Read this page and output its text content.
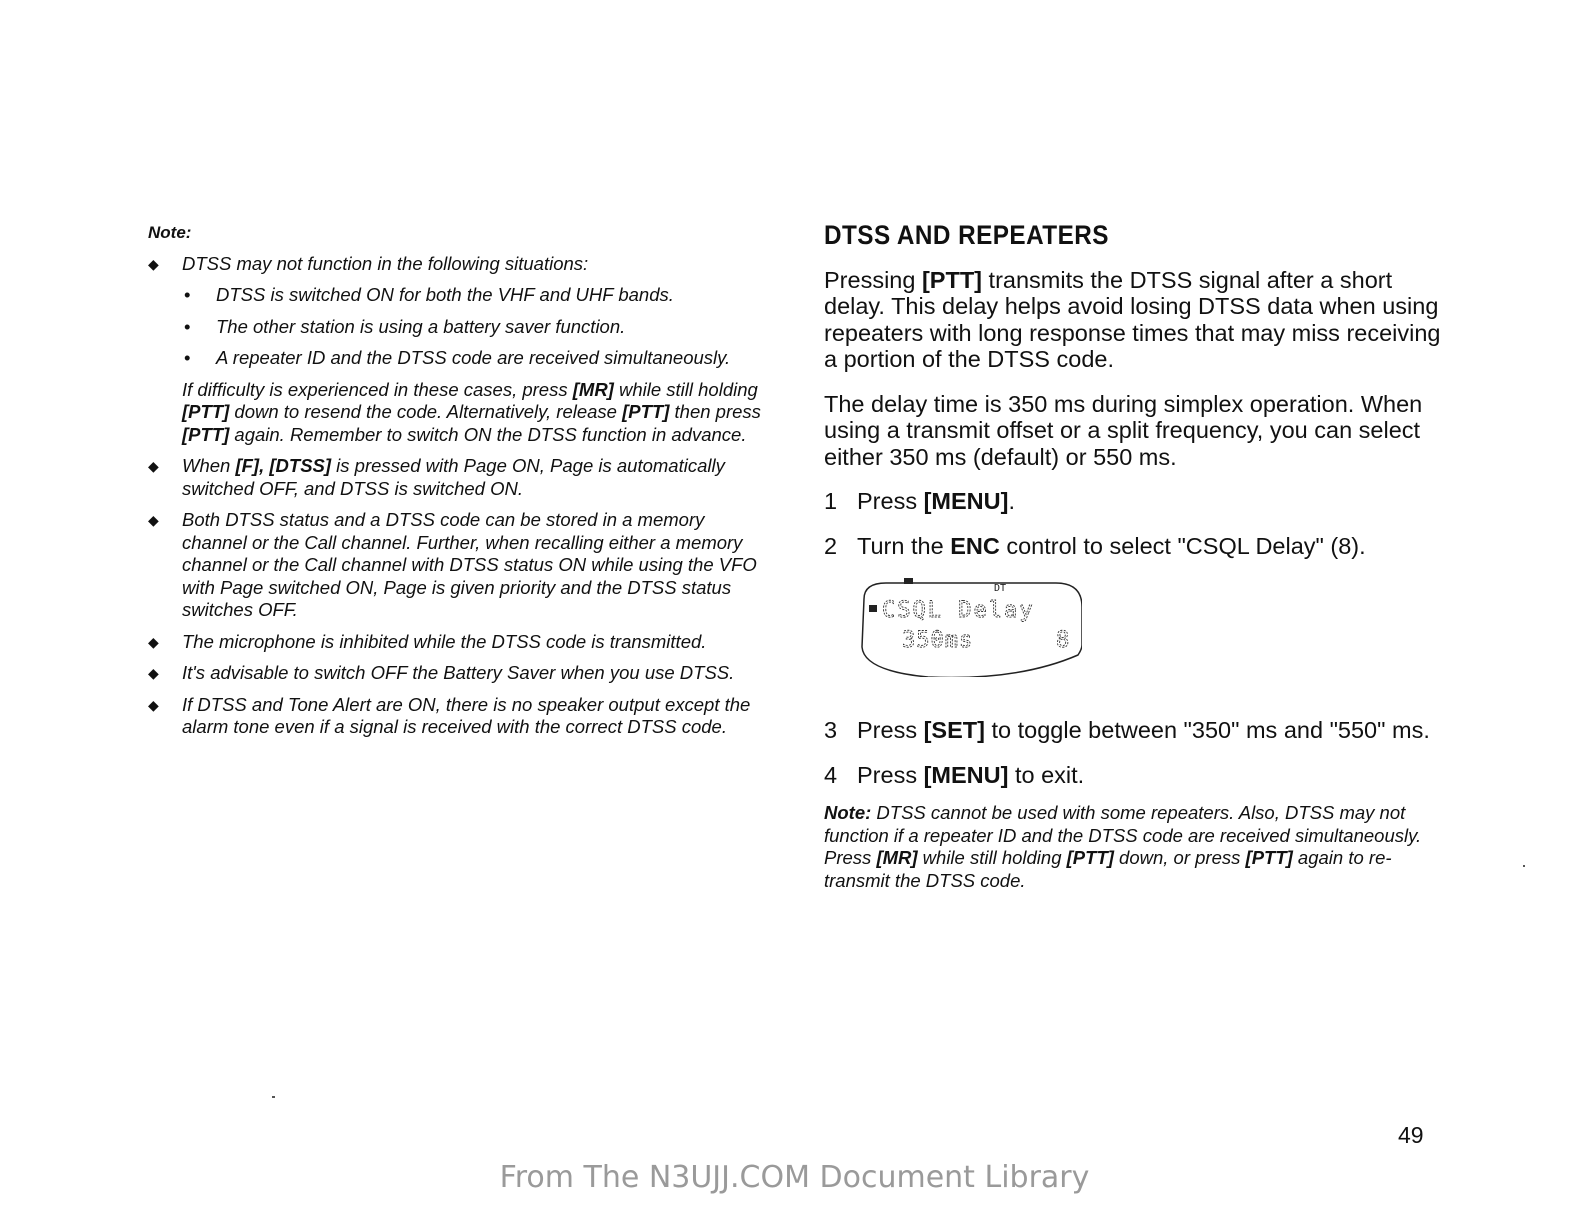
Note:
◆ DTSS may not function in the following situations:
• DTSS is switched ON for both the VHF and UHF bands.
• The other station is using a battery saver function.
• A repeater ID and the DTSS code are received simultaneously.
If difficulty is experienced in these cases, press [MR] while still holding [PTT] down to resend the code. Alternatively, release [PTT] then press [PTT] again. Remember to switch ON the DTSS function in advance.
◆ When [F], [DTSS] is pressed with Page ON, Page is automatically switched OFF, and DTSS is switched ON.
◆ Both DTSS status and a DTSS code can be stored in a memory channel or the Call channel. Further, when recalling either a memory channel or the Call channel with DTSS status ON while using the VFO with Page switched ON, Page is given priority and the DTSS status switches OFF.
◆ The microphone is inhibited while the DTSS code is transmitted.
◆ It's advisable to switch OFF the Battery Saver when you use DTSS.
◆ If DTSS and Tone Alert are ON, there is no speaker output except the alarm tone even if a signal is received with the correct DTSS code.
DTSS AND REPEATERS
Pressing [PTT] transmits the DTSS signal after a short delay. This delay helps avoid losing DTSS data when using repeaters with long response times that may miss receiving a portion of the DTSS code.
The delay time is 350 ms during simplex operation. When using a transmit offset or a split frequency, you can select either 350 ms (default) or 550 ms.
1 Press [MENU].
2 Turn the ENC control to select "CSQL Delay" (8).
DT
CSQL Delay
350ms	8
3 Press [SET] to toggle between "350" ms and "550" ms.
4 Press [MENU] to exit.
Note: DTSS cannot be used with some repeaters. Also, DTSS may not function if a repeater ID and the DTSS code are received simultaneously. Press [MR] while still holding [PTT] down, or press [PTT] again to re-transmit the DTSS code.
49
From The N3UJJ.COM Document Library
